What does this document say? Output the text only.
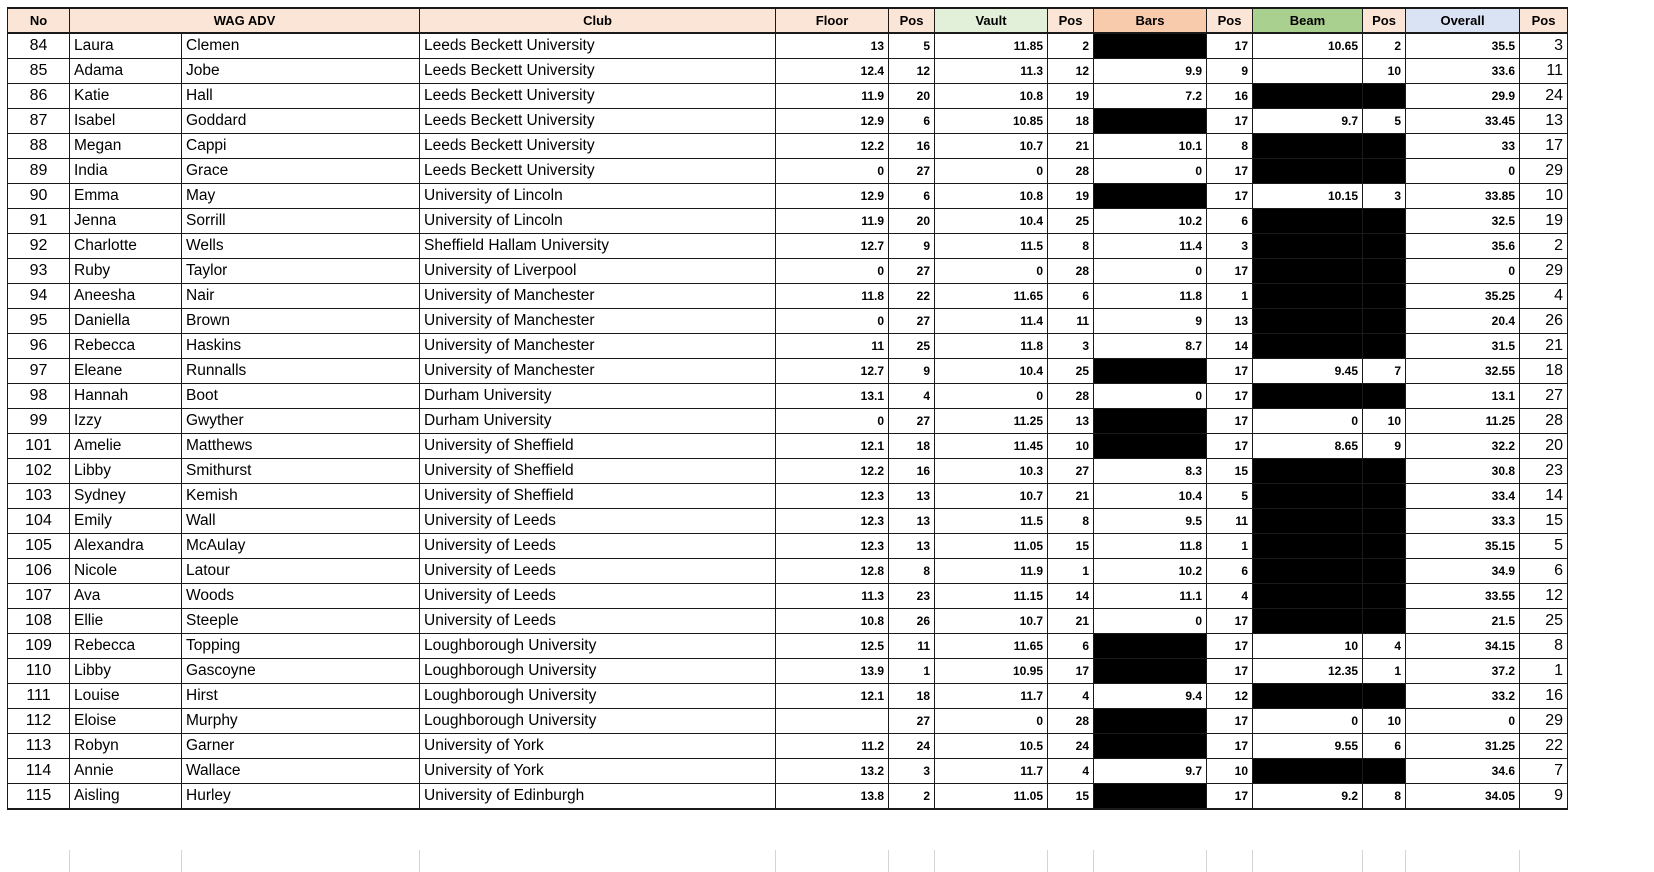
No	WAG ADV		Club	Floor	Pos	Vault	Pos	Bars	Pos	Beam	Pos	Overall	Pos
84	Laura	Clemen	Leeds Beckett University	13	5	11.85	2		17	10.65	2	35.5	3
85	Adama	Jobe	Leeds Beckett University	12.4	12	11.3	12	9.9	9		10	33.6	11
86	Katie	Hall	Leeds Beckett University	11.9	20	10.8	19	7.2	16			29.9	24
87	Isabel	Goddard	Leeds Beckett University	12.9	6	10.85	18		17	9.7	5	33.45	13
88	Megan	Cappi	Leeds Beckett University	12.2	16	10.7	21	10.1	8			33	17
89	India	Grace	Leeds Beckett University	0	27	0	28	0	17			0	29
90	Emma	May	University of Lincoln	12.9	6	10.8	19		17	10.15	3	33.85	10
91	Jenna	Sorrill	University of Lincoln	11.9	20	10.4	25	10.2	6			32.5	19
92	Charlotte	Wells	Sheffield Hallam University	12.7	9	11.5	8	11.4	3			35.6	2
93	Ruby	Taylor	University of Liverpool	0	27	0	28	0	17			0	29
94	Aneesha	Nair	University of Manchester	11.8	22	11.65	6	11.8	1			35.25	4
95	Daniella	Brown	University of Manchester	0	27	11.4	11	9	13			20.4	26
96	Rebecca	Haskins	University of Manchester	11	25	11.8	3	8.7	14			31.5	21
97	Eleane	Runnalls	University of Manchester	12.7	9	10.4	25		17	9.45	7	32.55	18
98	Hannah	Boot	Durham University	13.1	4	0	28	0	17			13.1	27
99	Izzy	Gwyther	Durham University	0	27	11.25	13		17	0	10	11.25	28
101	Amelie	Matthews	University of Sheffield	12.1	18	11.45	10		17	8.65	9	32.2	20
102	Libby	Smithurst	University of Sheffield	12.2	16	10.3	27	8.3	15			30.8	23
103	Sydney	Kemish	University of Sheffield	12.3	13	10.7	21	10.4	5			33.4	14
104	Emily	Wall	University of Leeds	12.3	13	11.5	8	9.5	11			33.3	15
105	Alexandra	McAulay	University of Leeds	12.3	13	11.05	15	11.8	1			35.15	5
106	Nicole	Latour	University of Leeds	12.8	8	11.9	1	10.2	6			34.9	6
107	Ava	Woods	University of Leeds	11.3	23	11.15	14	11.1	4			33.55	12
108	Ellie	Steeple	University of Leeds	10.8	26	10.7	21	0	17			21.5	25
109	Rebecca	Topping	Loughborough University	12.5	11	11.65	6		17	10	4	34.15	8
110	Libby	Gascoyne	Loughborough University	13.9	1	10.95	17		17	12.35	1	37.2	1
111	Louise	Hirst	Loughborough University	12.1	18	11.7	4	9.4	12			33.2	16
112	Eloise	Murphy	Loughborough University		27	0	28		17	0	10	0	29
113	Robyn	Garner	University of York	11.2	24	10.5	24		17	9.55	6	31.25	22
114	Annie	Wallace	University of York	13.2	3	11.7	4	9.7	10			34.6	7
115	Aisling	Hurley	University of Edinburgh	13.8	2	11.05	15		17	9.2	8	34.05	9
